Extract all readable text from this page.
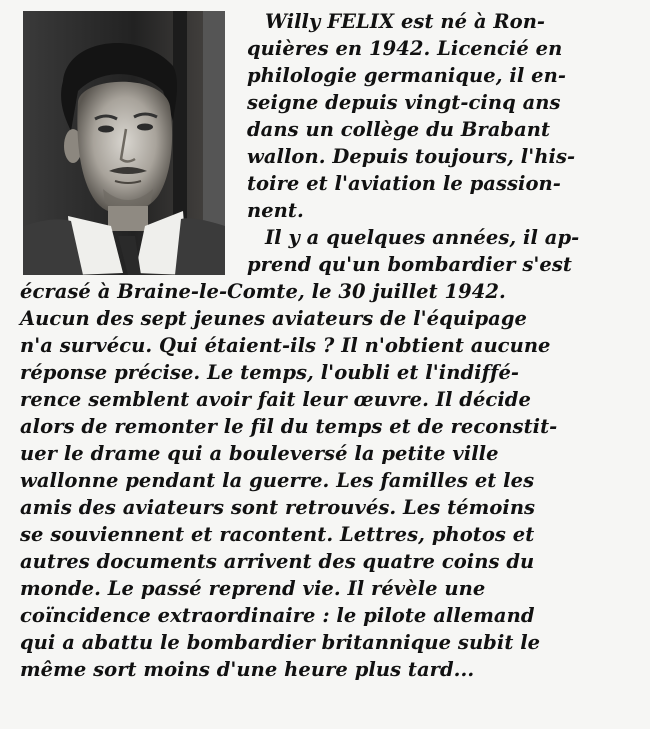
Willy FELIX est né à Ron-
quières en 1942. Licencié en
philologie germanique, il en-
seigne depuis vingt-cinq ans
dans un collège du Brabant
wallon. Depuis toujours, l'his-
toire et l'aviation le passion-
nent.
Il y a quelques années, il ap-
prend qu'un bombardier s'est
écrasé à Braine-le-Comte, le 30 juillet 1942.
Aucun des sept jeunes aviateurs de l'équipage
n'a survécu. Qui étaient-ils ? Il n'obtient aucune
réponse précise. Le temps, l'oubli et l'indiffé-
rence semblent avoir fait leur œuvre. Il décide
alors de remonter le fil du temps et de reconstit-
uer le drame qui a bouleversé la petite ville
wallonne pendant la guerre. Les familles et les
amis des aviateurs sont retrouvés. Les témoins
se souviennent et racontent. Lettres, photos et
autres documents arrivent des quatre coins du
monde. Le passé reprend vie. Il révèle une
coïncidence extraordinaire : le pilote allemand
qui a abattu le bombardier britannique subit le
même sort moins d'une heure plus tard...
